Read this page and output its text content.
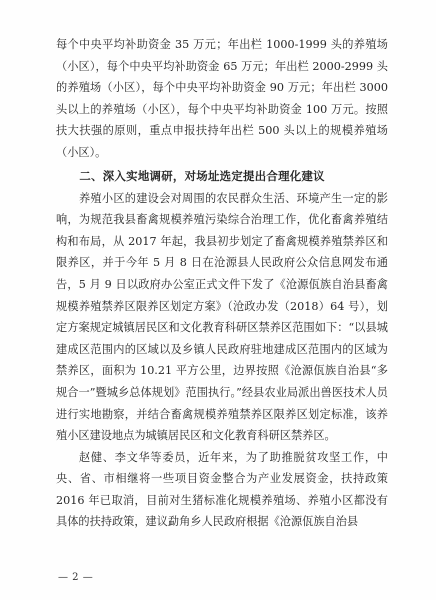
每个中央平均补助资金 35 万元；年出栏 1000-1999 头的养殖场（小区），每个中央平均补助资金 65 万元；年出栏 2000-2999 头的养殖场（小区），每个中央平均补助资金 90 万元；年出栏 3000 头以上的养殖场（小区），每个中央平均补助资金 100 万元。按照扶大扶强的原则，重点申报扶持年出栏 500 头以上的规模养殖场（小区）。

二、深入实地调研，对场址选定提出合理化建议

养殖小区的建设会对周围的农民群众生活、环境产生一定的影响，为规范我县畜禽规模养殖污染综合治理工作，优化畜禽养殖结构和布局，从 2017 年起，我县初步划定了畜禽规模养殖禁养区和限养区，并于今年 5 月 8 日在沧源县人民政府公众信息网发布通告，5 月 9 日以政府办公室正式文件下发了《沧源佤族自治县畜禽规模养殖禁养区限养区划定方案》（沧政办发（2018）64 号），划定方案规定城镇居民区和文化教育科研区禁养区范围如下：“以县城建成区范围内的区域以及乡镇人民政府驻地建成区范围内的区域为禁养区，面积为 10.21 平方公里，边界按照《沧源佤族自治县“多规合一”暨城乡总体规划》范围执行。”经县农业局派出兽医技术人员进行实地勘察，并结合畜禽规模养殖禁养区限养区划定标准，该养殖小区建设地点为城镇居民区和文化教育科研区禁养区。

赵健、李文华等委员，近年来，为了助推脱贫攻坚工作，中央、省、市相继将一些项目资金整合为产业发展资金，扶持政策 2016 年已取消，目前对生猪标准化规模养殖场、养殖小区都没有具体的扶持政策，建议勐角乡人民政府根据《沧源佤族自治县

— 2 —
